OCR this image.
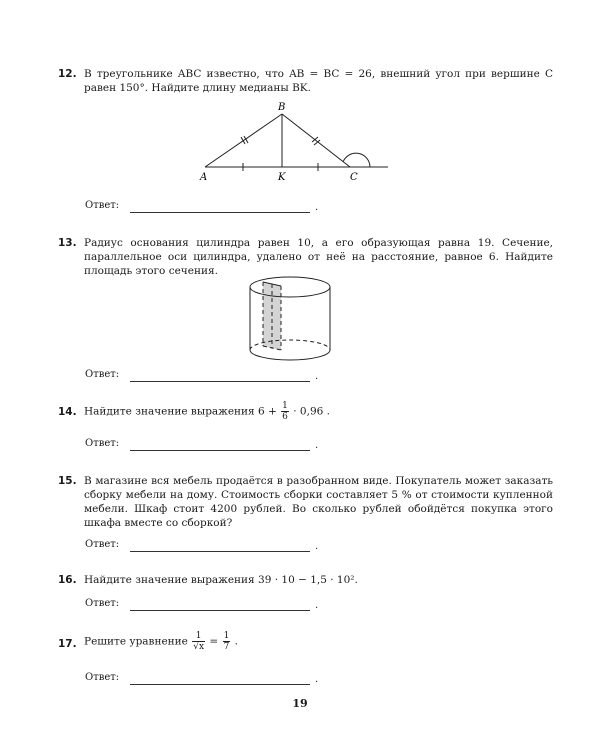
12. В треугольнике ABC известно, что AB = BC = 26, внешний угол при вершине C равен 150°. Найдите длину медианы BK.
A
B
K	C
Ответ:	.
13. Радиус основания цилиндра равен 10, а его образующая равна 19. Сечение, параллельное оси цилиндра, удалено от неё на расстояние, равное 6. Найдите площадь этого сечения.
Ответ:	.
14. Найдите значение выражения $6 + \frac{1}{6} \cdot 0,96$ .
Ответ:	.
15. В магазине вся мебель продаётся в разобранном виде. Покупатель может заказать сборку мебели на дому. Стоимость сборки составляет 5 % от стоимости купленной мебели. Шкаф стоит 4200 рублей. Во сколько рублей обойдётся покупка этого шкафа вместе со сборкой?
Ответ:	.
16. Найдите значение выражения 39 · 10 − 1,5 · 10².
Ответ:	.
17. Решите уравнение $\frac{1}{√x} = \frac{1}{7}$ .
Ответ:	.
19
